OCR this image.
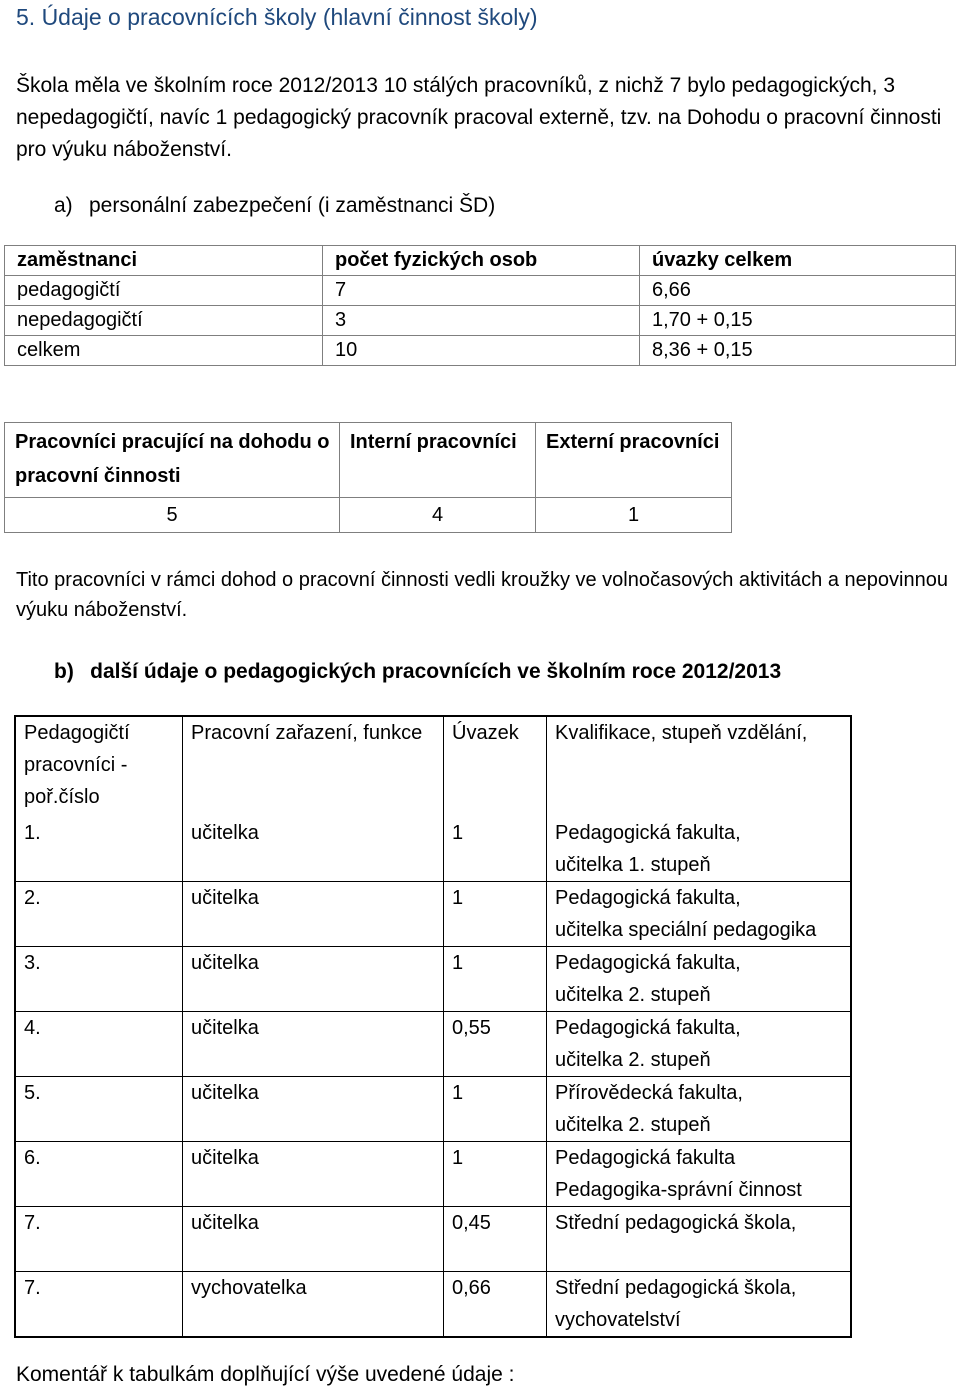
5. Údaje o pracovnících školy (hlavní činnost školy)
Škola měla ve školním roce 2012/2013 10 stálých pracovníků, z nichž 7 bylo pedagogických, 3 nepedagogičtí, navíc 1 pedagogický pracovník pracoval externě, tzv. na Dohodu o pracovní činnosti pro výuku náboženství.
a)  personální zabezpečení (i zaměstnanci ŠD)
zaměstnanci	počet fyzických osob	úvazky celkem
pedagogičtí	7	6,66
nepedagogičtí	3	1,70 + 0,15
celkem	10	8,36 + 0,15
Pracovníci pracující na dohodu o pracovní činnosti	Interní pracovníci	Externí pracovníci
5	4	1
Tito pracovníci v rámci dohod o pracovní činnosti vedli kroužky ve volnočasových aktivitách a nepovinnou výuku náboženství.
b)  další údaje o pedagogických pracovnících ve školním roce 2012/2013
Pedagogičtí pracovníci - poř.číslo	Pracovní zařazení, funkce	Úvazek	Kvalifikace, stupeň vzdělání,

1.	učitelka	1	Pedagogická fakulta,
učitelka 1. stupeň

2.	učitelka	1	Pedagogická fakulta,
učitelka speciální pedagogika

3.	učitelka	1	Pedagogická fakulta,
učitelka 2. stupeň

4.	učitelka	0,55	Pedagogická fakulta,
učitelka 2. stupeň

5.	učitelka	1	Přírovědecká fakulta,
učitelka 2. stupeň

6.	učitelka	1	Pedagogická fakulta
Pedagogika-správní činnost

7.	učitelka	0,45	Střední pedagogická škola,

7.	vychovatelka	0,66	Střední pedagogická škola,
vychovatelství
Komentář k tabulkám doplňující výše uvedené údaje :
